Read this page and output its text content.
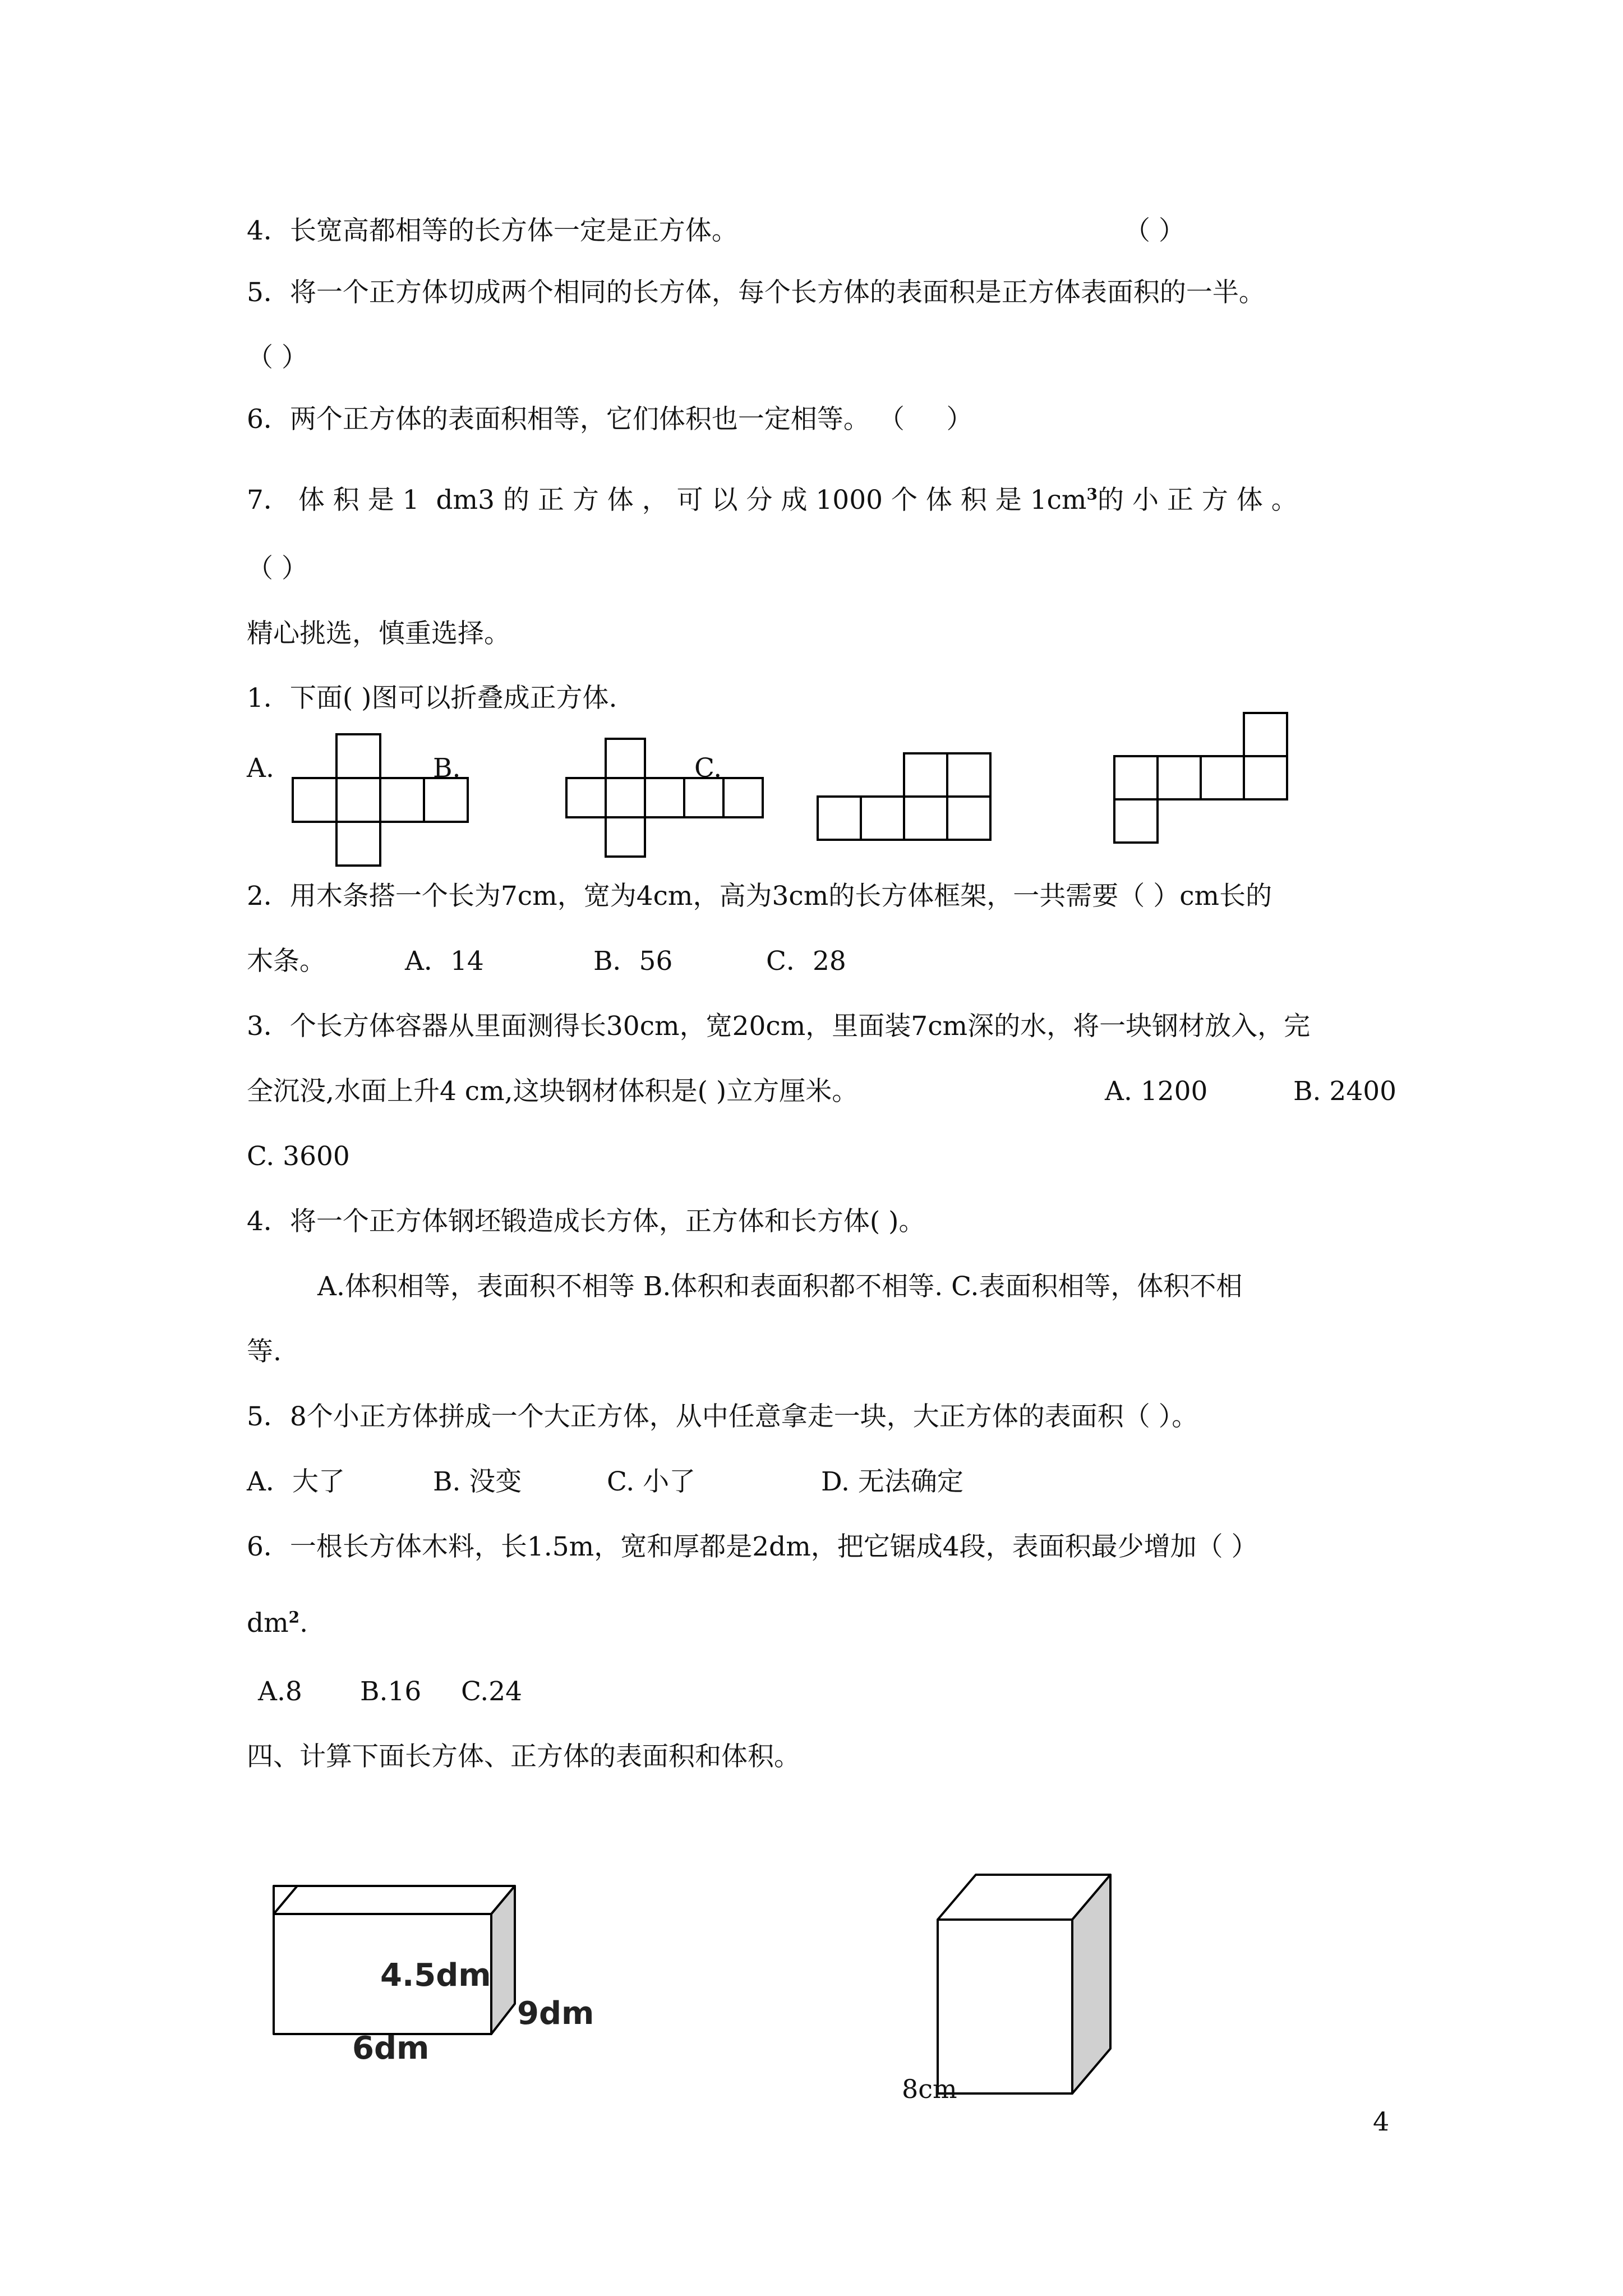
4．长宽高都相等的长方体一定是正方体。	（ ）
5．将一个正方体切成两个相同的长方体，每个长方体的表面积是正方体表面积的一半。
（ ）
6．两个正方体的表面积相等，它们体积也一定相等。 （     ）
7． 体 积 是 1  dm3 的 正 方 体 ， 可 以 分 成 1000 个 体 积 是 $1cm^3$的 小 正 方 体 。
（ ）
精心挑选，慎重选择。
1．下面( )图可以折叠成正方体.
A.	B.	C.
2．用木条搭一个长为7cm，宽为4cm，高为3cm的长方体框架，一共需要（ ）cm长的
木条。	A．14	B．56	C．28
3．个长方体容器从里面测得长30cm，宽20cm，里面装7cm深的水，将一块钢材放入，完
全沉没,水面上升4 cm,这块钢材体积是( )立方厘米。	A. 1200	B. 2400
C. 3600
4．将一个正方体钢坯锻造成长方体，正方体和长方体( )。
A.体积相等，表面积不相等 B.体积和表面积都不相等. C.表面积相等，体积不相
等.
5．8个小正方体拼成一个大正方体，从中任意拿走一块，大正方体的表面积（ ）。
A．大了	B. 没变	C. 小了	D. 无法确定
6．一根长方体木料，长1.5m，宽和厚都是2dm，把它锯成4段，表面积最少增加（ ）
$dm^2$.
A.8 B.16 C.24
四、计算下面长方体、正方体的表面积和体积。
4.5dm
9dm
6dm
8cm
4
